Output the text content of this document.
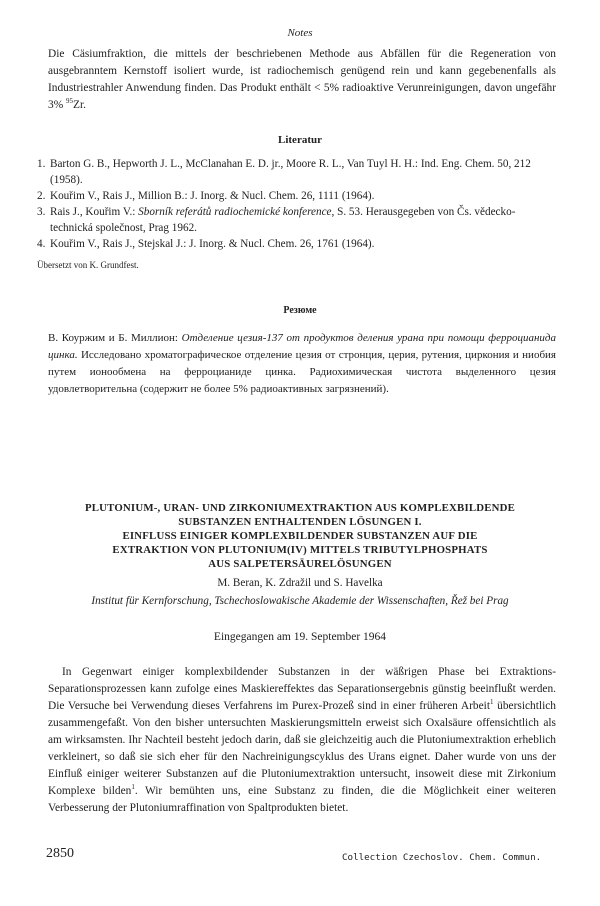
Notes
Die Cäsiumfraktion, die mittels der beschriebenen Methode aus Abfällen für die Regeneration von ausgebranntem Kernstoff isoliert wurde, ist radiochemisch genügend rein und kann gegebenenfalls als Industriestrahler Anwendung finden. Das Produkt enthält < 5% radioaktive Verunreinigungen, davon ungefähr 3% $^{95}$Zr.
Literatur
1. Barton G. B., Hepworth J. L., McClanahan E. D. jr., Moore R. L., Van Tuyl H. H.: Ind. Eng. Chem. 50, 212 (1958).
2. Kouřim V., Rais J., Million B.: J. Inorg. & Nucl. Chem. 26, 1111 (1964).
3. Rais J., Kouřim V.: Sborník referátů radiochemické konference, S. 53. Herausgegeben von Čs. vědecko-technická společnost, Prag 1962.
4. Kouřim V., Rais J., Stejskal J.: J. Inorg. & Nucl. Chem. 26, 1761 (1964).
Übersetzt von K. Grundfest.
Резюме
В. Коуржим и Б. Миллион: Отделение цезия-137 от продуктов деления урана при помощи ферроцианида цинка. Исследовано хроматографическое отделение цезия от стронция, церия, рутения, циркония и ниобия путем ионообмена на ферроцианиде цинка. Радиохимическая чистота выделенного цезия удовлетворительна (содержит не более 5% радиоактивных загрязнений).
PLUTONIUM-, URAN- UND ZIRKONIUMEXTRAKTION AUS KOMPLEXBILDENDE
SUBSTANZEN ENTHALTENDEN LÖSUNGEN I.
EINFLUSS EINIGER KOMPLEXBILDENDER SUBSTANZEN AUF DIE
EXTRAKTION VON PLUTONIUM(IV) MITTELS TRIBUTYLPHOSPHATS
AUS SALPETERSÄURELÖSUNGEN
M. Beran, K. Zdražil und S. Havelka
Institut für Kernforschung, Tschechoslowakische Akademie der Wissenschaften, Řež bei Prag
Eingegangen am 19. September 1964
In Gegenwart einiger komplexbildender Substanzen in der wäßrigen Phase bei Extraktions-Separationsprozessen kann zufolge eines Maskiereffektes das Separationsergebnis günstig beeinflußt werden. Die Versuche bei Verwendung dieses Verfahrens im Purex-Prozeß sind in einer früheren Arbeit$^1$ übersichtlich zusammengefaßt. Von den bisher untersuchten Maskierungsmitteln erweist sich Oxalsäure offensichtlich als am wirksamsten. Ihr Nachteil besteht jedoch darin, daß sie gleichzeitig auch die Plutoniumextraktion erheblich verkleinert, so daß sie sich eher für den Nachreinigungscyklus des Urans eignet. Daher wurde von uns der Einfluß einiger weiterer Substanzen auf die Plutoniumextraktion untersucht, insoweit diese mit Zirkonium Komplexe bilden$^1$. Wir bemühten uns, eine Substanz zu finden, die die Möglichkeit einer weiteren Verbesserung der Plutoniumraffination von Spaltprodukten bietet.
2850	Collection Czechoslov. Chem. Commun.
